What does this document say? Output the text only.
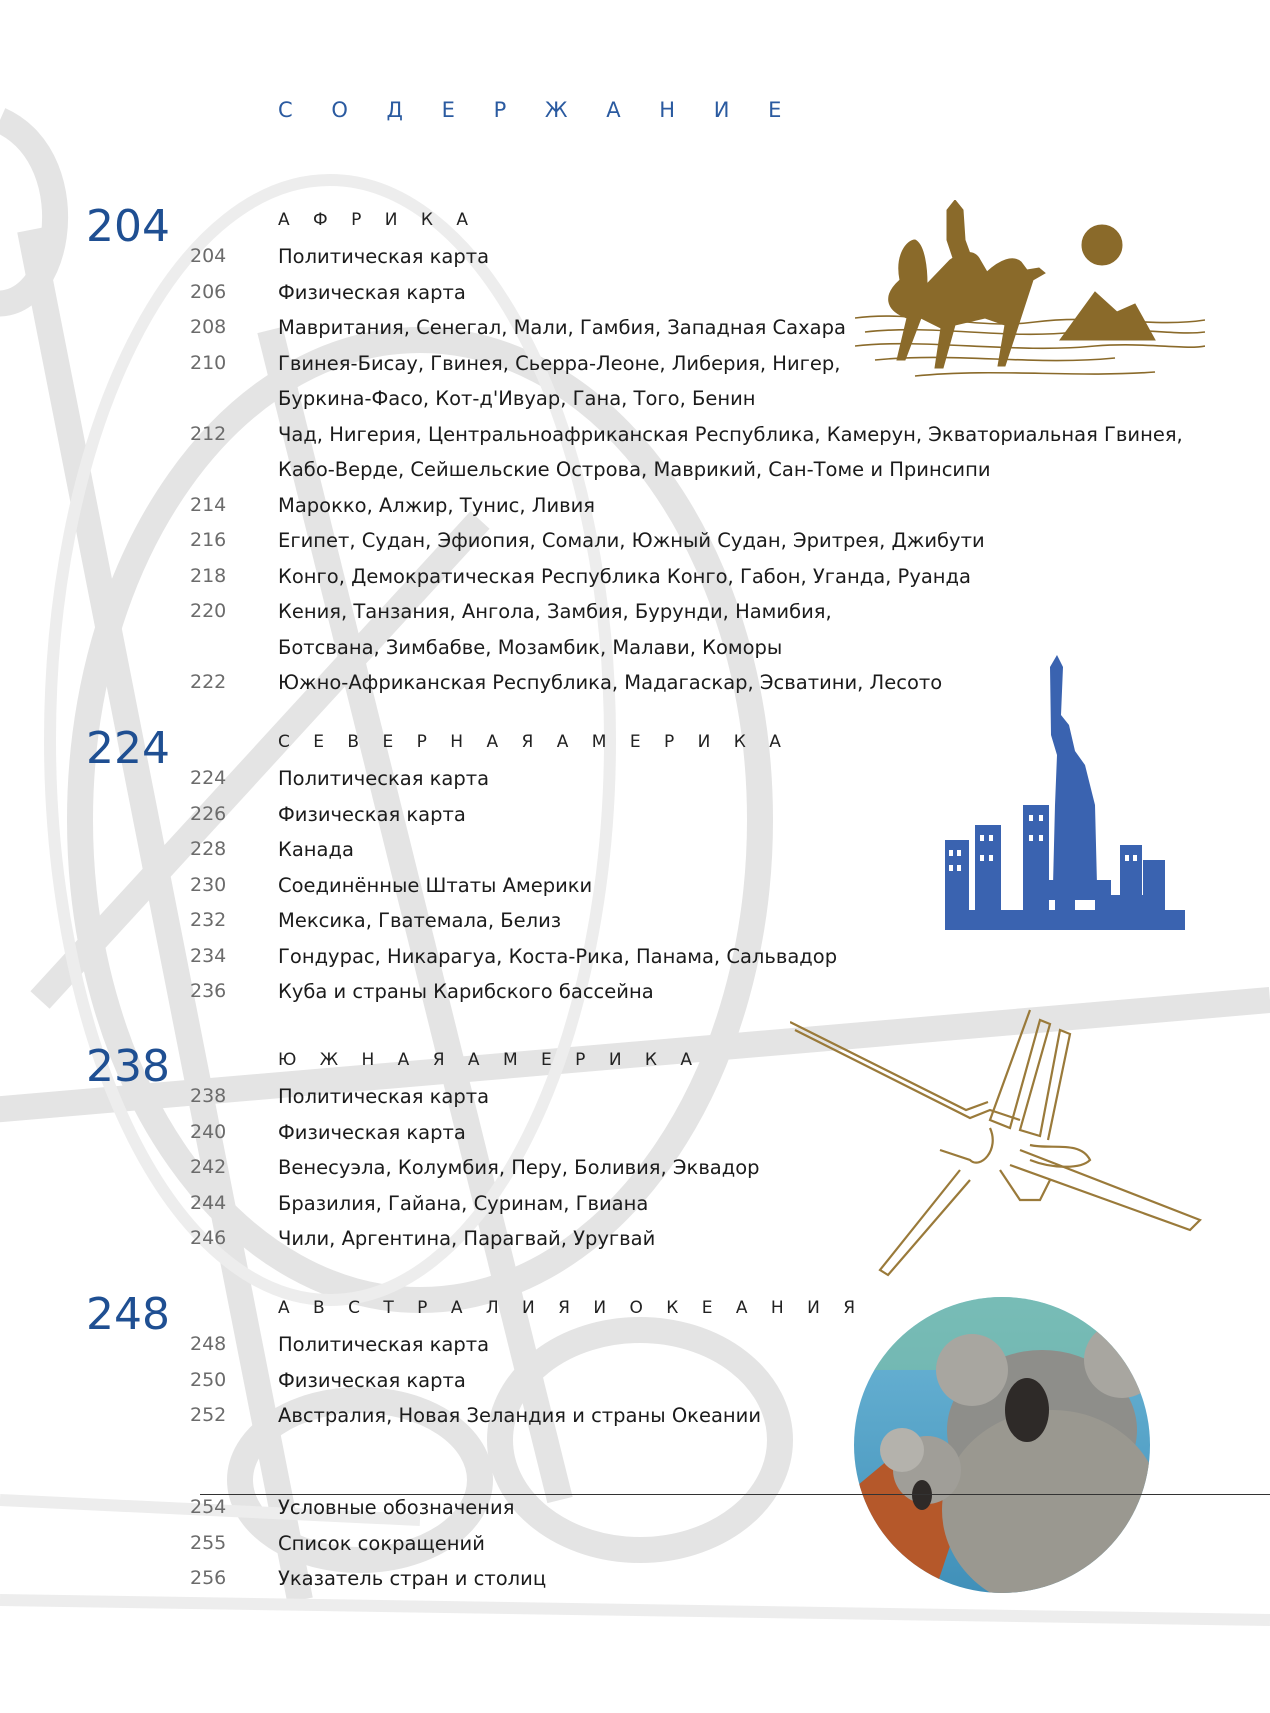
С О Д Е Р Ж А Н И Е
204	А Ф Р И К А
204	Политическая карта
206	Физическая карта
208	Мавритания, Сенегал, Мали, Гамбия, Западная Сахара
210	Гвинея-Бисау, Гвинея, Сьерра-Леоне, Либерия, Нигер,
Буркина-Фасо, Кот-д'Ивуар, Гана, Того, Бенин
212	Чад, Нигерия, Центральноафриканская Республика, Камерун, Экваториальная Гвинея,
Кабо-Верде, Сейшельские Острова, Маврикий, Сан-Томе и Принсипи
214	Марокко, Алжир, Тунис, Ливия
216	Египет, Судан, Эфиопия, Сомали, Южный Судан, Эритрея, Джибути
218	Конго, Демократическая Республика Конго, Габон, Уганда, Руанда
220	Кения, Танзания, Ангола, Замбия, Бурунди, Намибия,
Ботсвана, Зимбабве, Мозамбик, Малави, Коморы
222	Южно-Африканская Республика, Мадагаскар, Эсватини, Лесото
224	С Е В Е Р Н А Я А М Е Р И К А
224	Политическая карта
226	Физическая карта
228	Канада
230	Соединённые Штаты Америки
232	Мексика, Гватемала, Белиз
234	Гондурас, Никарагуа, Коста-Рика, Панама, Сальвадор
236	Куба и страны Карибского бассейна
238	Ю Ж Н А Я А М Е Р И К А
238	Политическая карта
240	Физическая карта
242	Венесуэла, Колумбия, Перу, Боливия, Эквадор
244	Бразилия, Гайана, Суринам, Гвиана
246	Чили, Аргентина, Парагвай, Уругвай
248	А В С Т Р А Л И Я И О К Е А Н И Я
248	Политическая карта
250	Физическая карта
252	Австралия, Новая Зеландия и страны Океании
254	Условные обозначения
255	Список сокращений
256	Указатель стран и столиц
